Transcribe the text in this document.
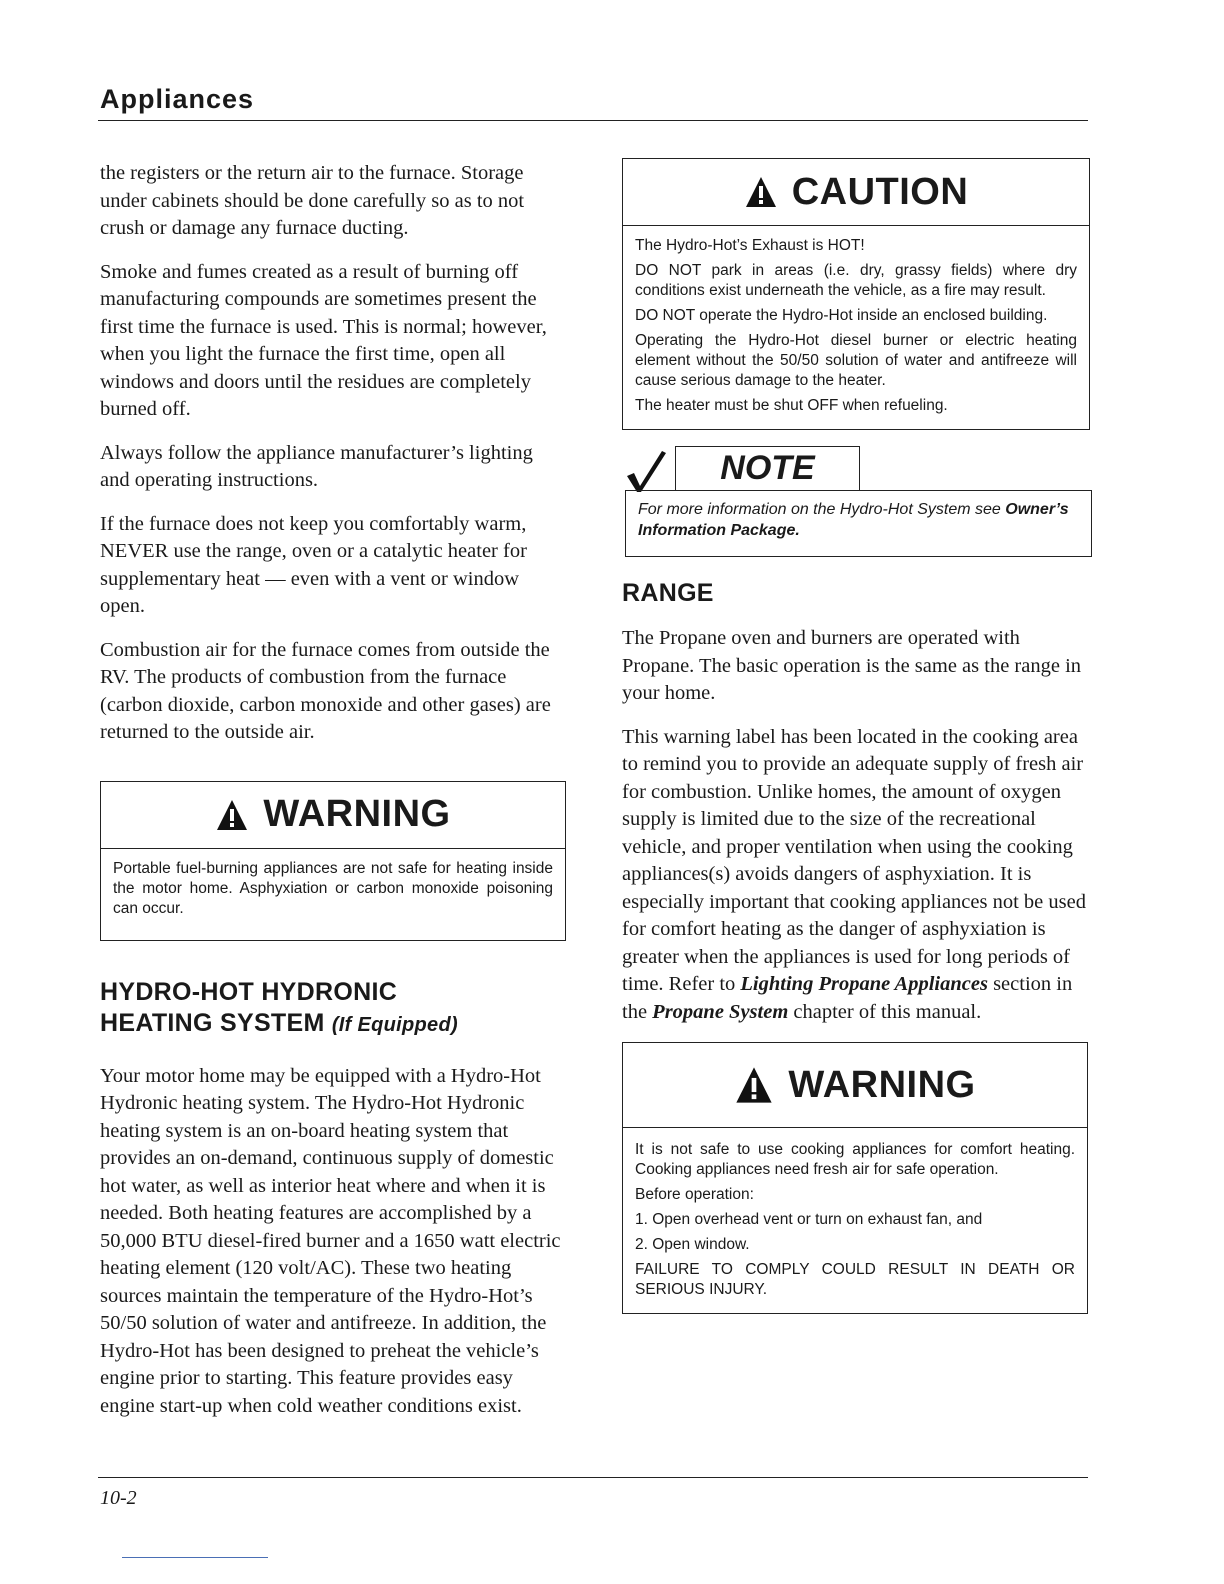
Appliances

the registers or the return air to the furnace. Storage under cabinets should be done carefully so as to not crush or damage any furnace ducting.

Smoke and fumes created as a result of burning off manufacturing compounds are sometimes present the first time the furnace is used. This is normal; however, when you light the furnace the first time, open all windows and doors until the residues are completely burned off.

Always follow the appliance manufacturer’s lighting and operating instructions.

If the furnace does not keep you comfortably warm, NEVER use the range, oven or a catalytic heater for supplementary heat — even with a vent or window open.

Combustion air for the furnace comes from outside the RV. The products of combustion from the furnace (carbon dioxide, carbon monoxide and other gases) are returned to the outside air.

WARNING

Portable fuel-burning appliances are not safe for heating inside the motor home. Asphyxiation or carbon monoxide poisoning can occur.

HYDRO-HOT HYDRONIC
HEATING SYSTEM (If Equipped)

Your motor home may be equipped with a Hydro-Hot Hydronic heating system. The Hydro-Hot Hydronic heating system is an on-board heating system that provides an on-demand, continuous supply of domestic hot water, as well as interior heat where and when it is needed. Both heating features are accomplished by a 50,000 BTU diesel-fired burner and a 1650 watt electric heating element (120 volt/AC). These two heating sources maintain the temperature of the Hydro-Hot’s 50/50 solution of water and antifreeze. In addition, the Hydro-Hot has been designed to preheat the vehicle’s engine prior to starting. This feature provides easy engine start-up when cold weather conditions exist.

CAUTION

The Hydro-Hot’s Exhaust is HOT!

DO NOT park in areas (i.e. dry, grassy fields) where dry conditions exist underneath the vehicle, as a fire may result.

DO NOT operate the Hydro-Hot inside an enclosed building.

Operating the Hydro-Hot diesel burner or electric heating element without the 50/50 solution of water and antifreeze will cause serious damage to the heater.

The heater must be shut OFF when refueling.

NOTE

For more information on the Hydro-Hot System see Owner’s Information Package.

RANGE

The Propane oven and burners are operated with Propane. The basic operation is the same as the range in your home.

This warning label has been located in the cooking area to remind you to provide an adequate supply of fresh air for combustion. Unlike homes, the amount of oxygen supply is limited due to the size of the recreational vehicle, and proper ventilation when using the cooking appliances(s) avoids dangers of asphyxiation. It is especially important that cooking appliances not be used for comfort heating as the danger of asphyxiation is greater when the appliances is used for long periods of time. Refer to Lighting Propane Appliances section in the Propane System chapter of this manual.

WARNING

It is not safe to use cooking appliances for comfort heating. Cooking appliances need fresh air for safe operation.

Before operation:

1. Open overhead vent or turn on exhaust fan, and

2. Open window.

FAILURE TO COMPLY COULD RESULT IN DEATH OR SERIOUS INJURY.

10-2
